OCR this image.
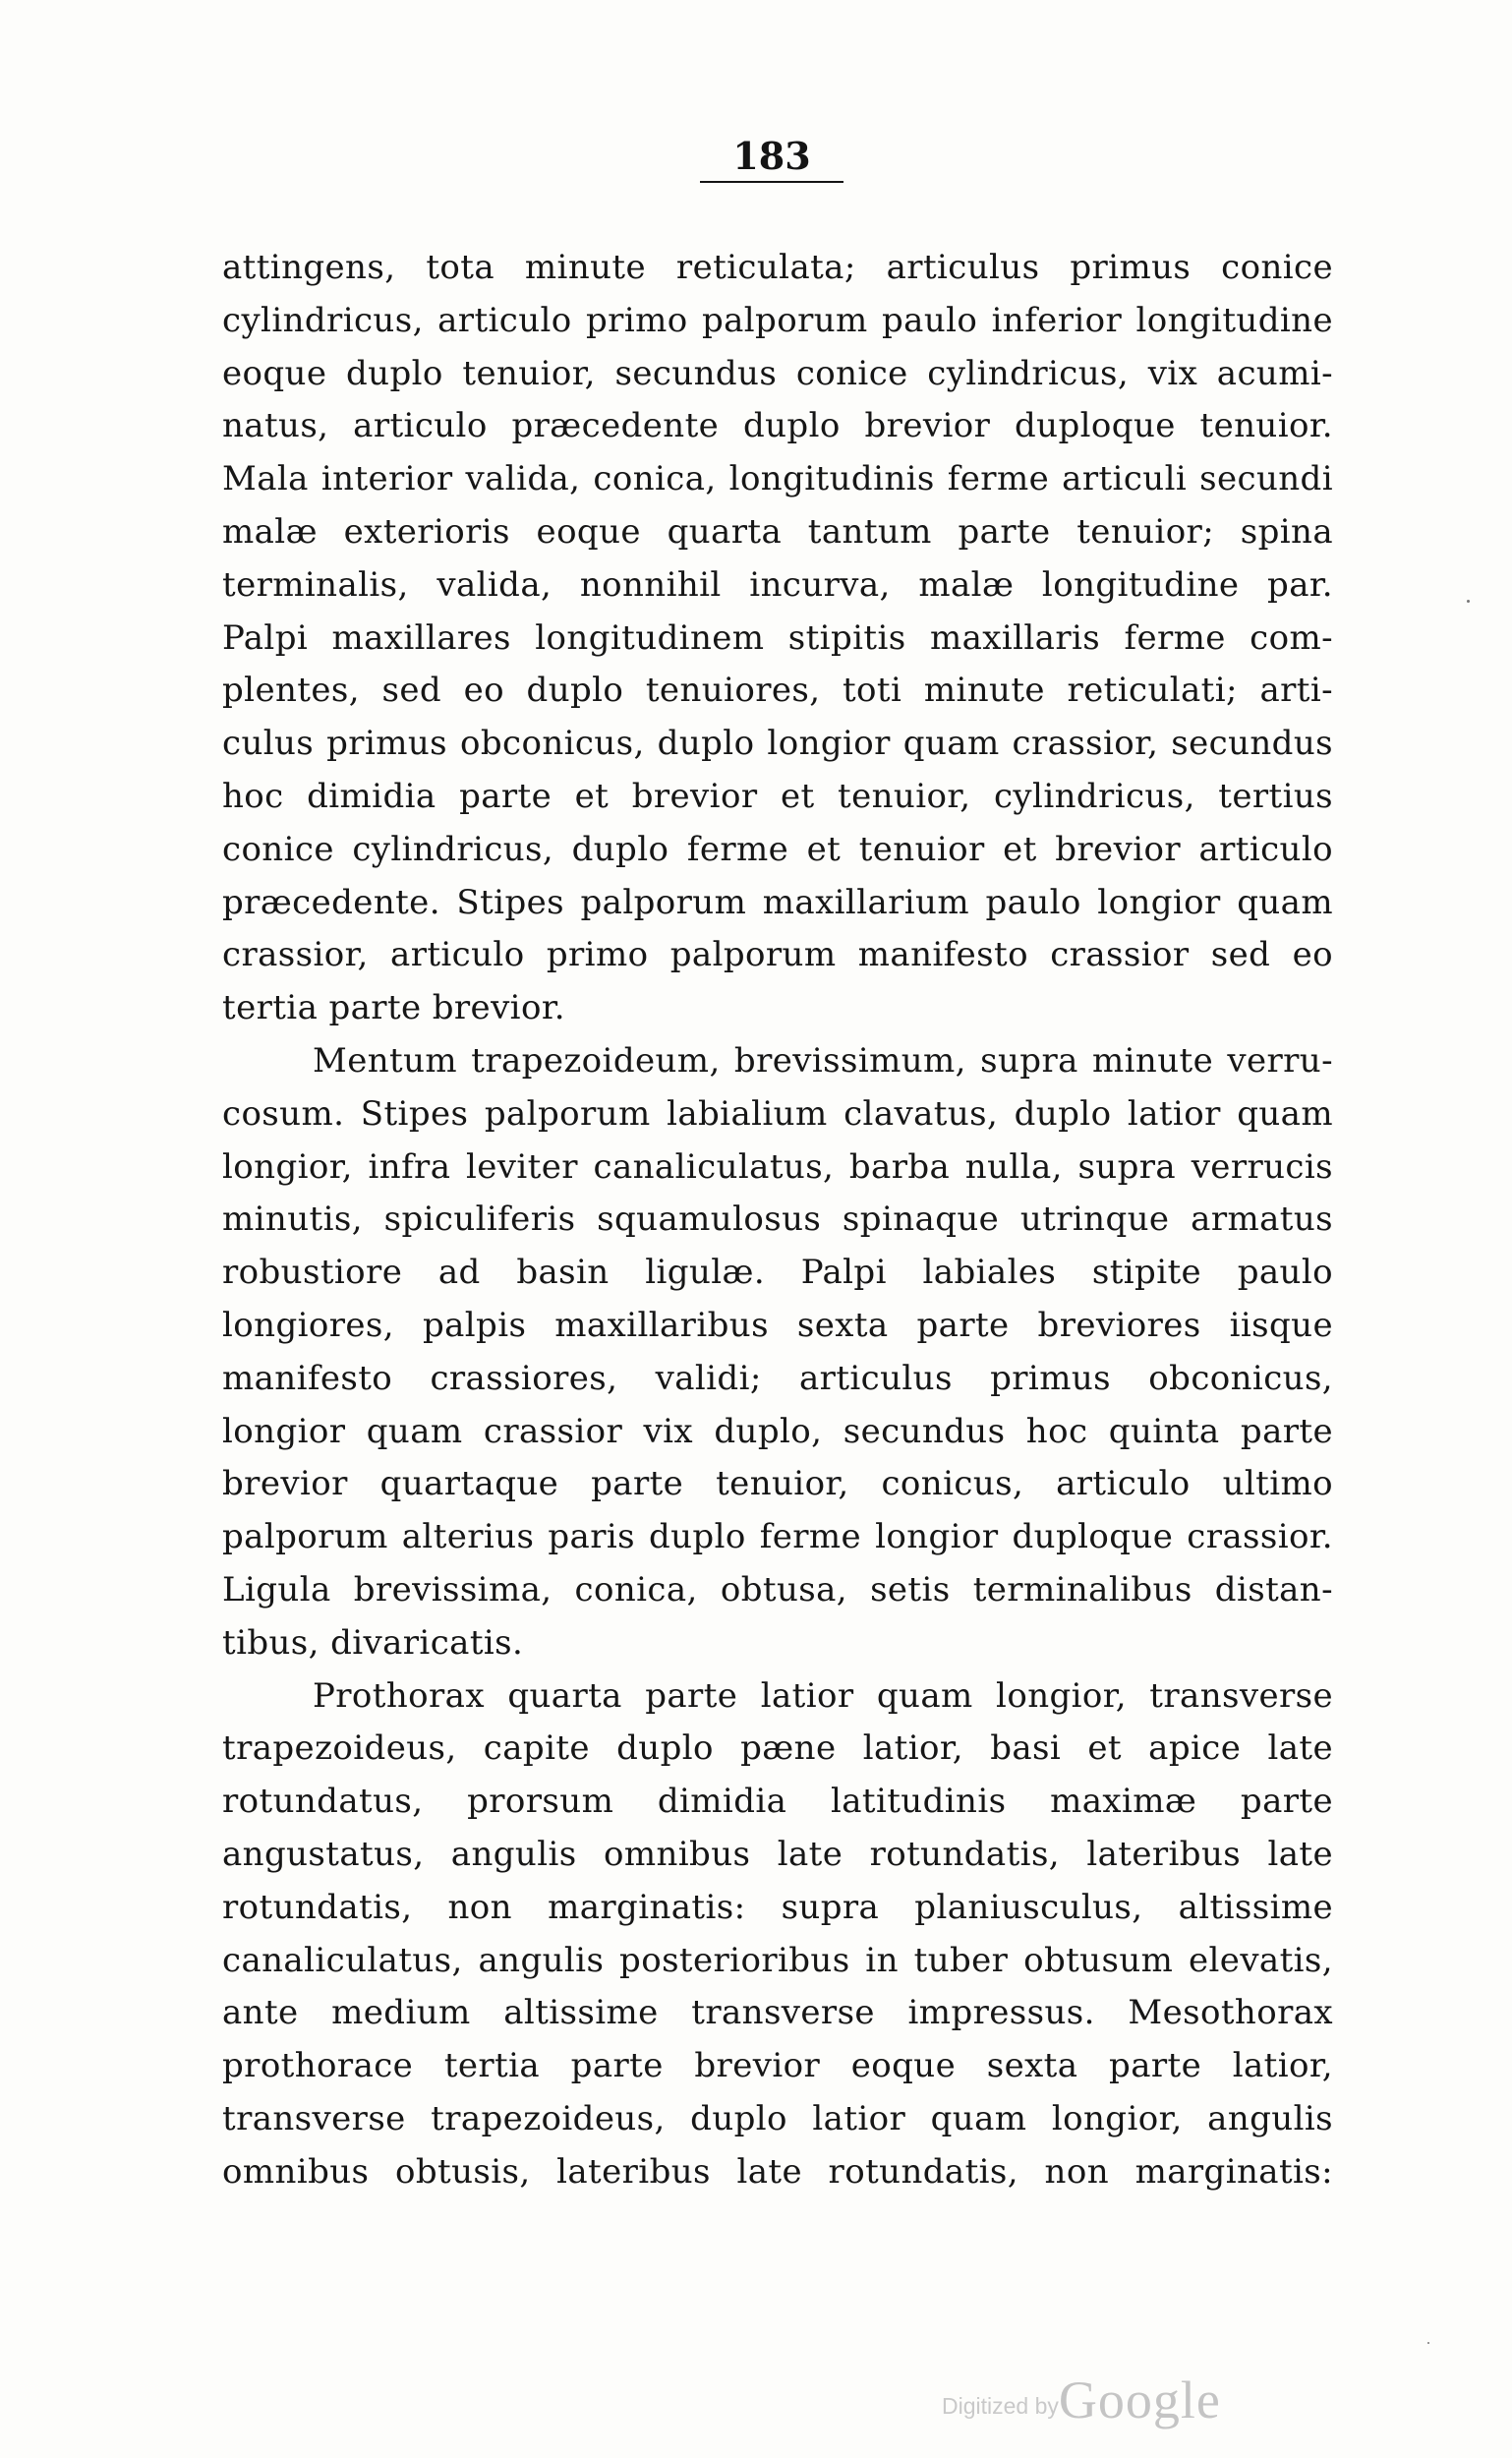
183
attingens, tota minute reticulata; articulus primus conice
cylindricus, articulo primo palporum paulo inferior longitudine
eoque duplo tenuior, secundus conice cylindricus, vix acumi-
natus, articulo præcedente duplo brevior duploque tenuior.
Mala interior valida, conica, longitudinis ferme articuli secundi
malæ exterioris eoque quarta tantum parte tenuior; spina
terminalis, valida, nonnihil incurva, malæ longitudine par.
Palpi maxillares longitudinem stipitis maxillaris ferme com-
plentes, sed eo duplo tenuiores, toti minute reticulati; arti-
culus primus obconicus, duplo longior quam crassior, secundus
hoc dimidia parte et brevior et tenuior, cylindricus, tertius
conice cylindricus, duplo ferme et tenuior et brevior articulo
præcedente. Stipes palporum maxillarium paulo longior quam
crassior, articulo primo palporum manifesto crassior sed eo
tertia parte brevior.
Mentum trapezoideum, brevissimum, supra minute verru-
cosum. Stipes palporum labialium clavatus, duplo latior quam
longior, infra leviter canaliculatus, barba nulla, supra verrucis
minutis, spiculiferis squamulosus spinaque utrinque armatus
robustiore ad basin ligulæ. Palpi labiales stipite paulo
longiores, palpis maxillaribus sexta parte breviores iisque
manifesto crassiores, validi; articulus primus obconicus,
longior quam crassior vix duplo, secundus hoc quinta parte
brevior quartaque parte tenuior, conicus, articulo ultimo
palporum alterius paris duplo ferme longior duploque crassior.
Ligula brevissima, conica, obtusa, setis terminalibus distan-
tibus, divaricatis.
Prothorax quarta parte latior quam longior, transverse
trapezoideus, capite duplo pæne latior, basi et apice late
rotundatus, prorsum dimidia latitudinis maximæ parte
angustatus, angulis omnibus late rotundatis, lateribus late
rotundatis, non marginatis: supra planiusculus, altissime
canaliculatus, angulis posterioribus in tuber obtusum elevatis,
ante medium altissime transverse impressus. Mesothorax
prothorace tertia parte brevior eoque sexta parte latior,
transverse trapezoideus, duplo latior quam longior, angulis
omnibus obtusis, lateribus late rotundatis, non marginatis:
Digitized byGoogle
